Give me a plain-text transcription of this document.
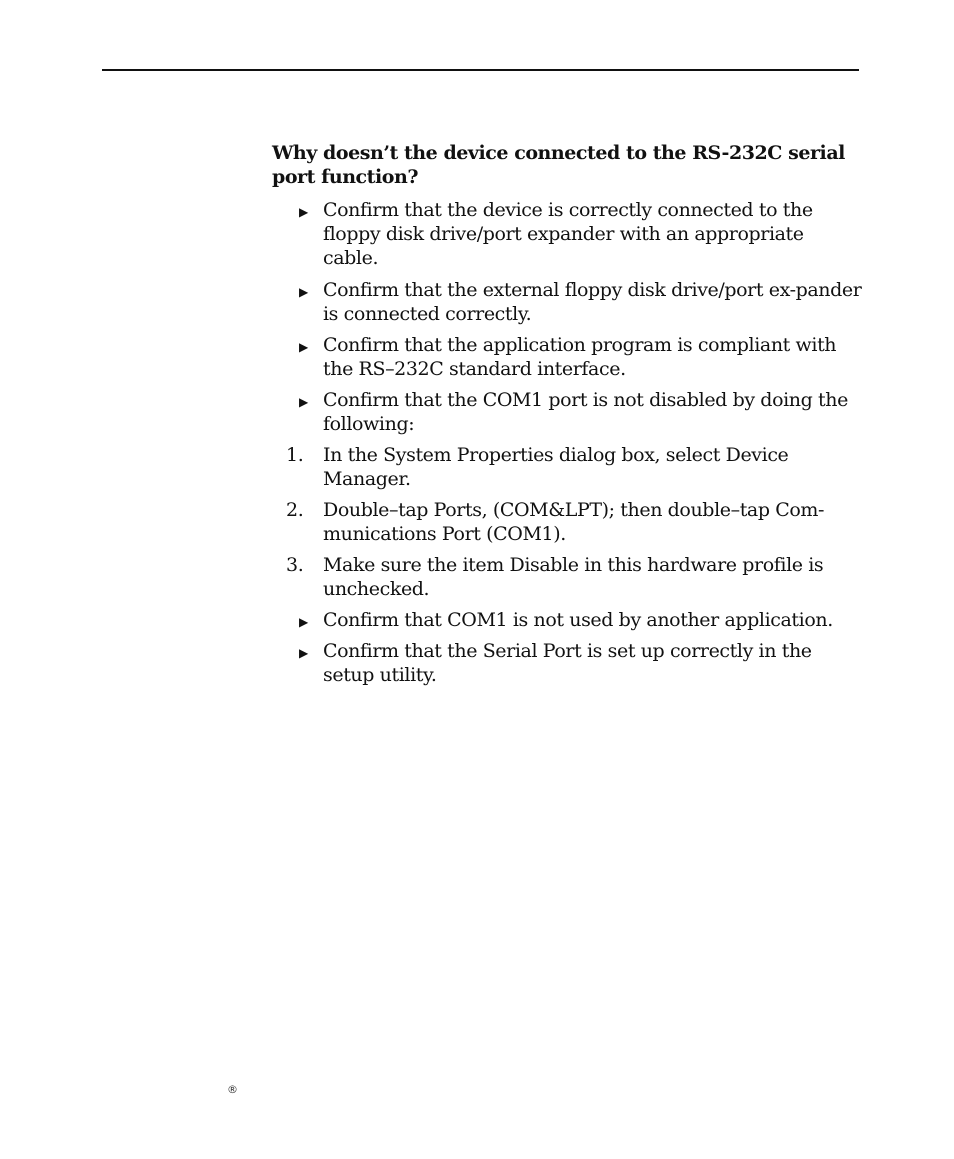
Why doesn’t the device connected to the RS-232C serial port function?
▶ Confirm that the device is correctly connected to the floppy disk drive/port expander with an appropriate cable.
▶ Confirm that the external floppy disk drive/port ex-pander is connected correctly.
▶ Confirm that the application program is compliant with the RS–232C standard interface.
▶ Confirm that the COM1 port is not disabled by doing the following:
1.	In the System Properties dialog box, select Device Manager.
2.	Double–tap Ports, (COM&LPT); then double–tap Com-munications Port (COM1).
3.	Make sure the item Disable in this hardware profile is unchecked.
▶ Confirm that COM1 is not used by another application.
▶ Confirm that the Serial Port is set up correctly in the setup utility.
®
